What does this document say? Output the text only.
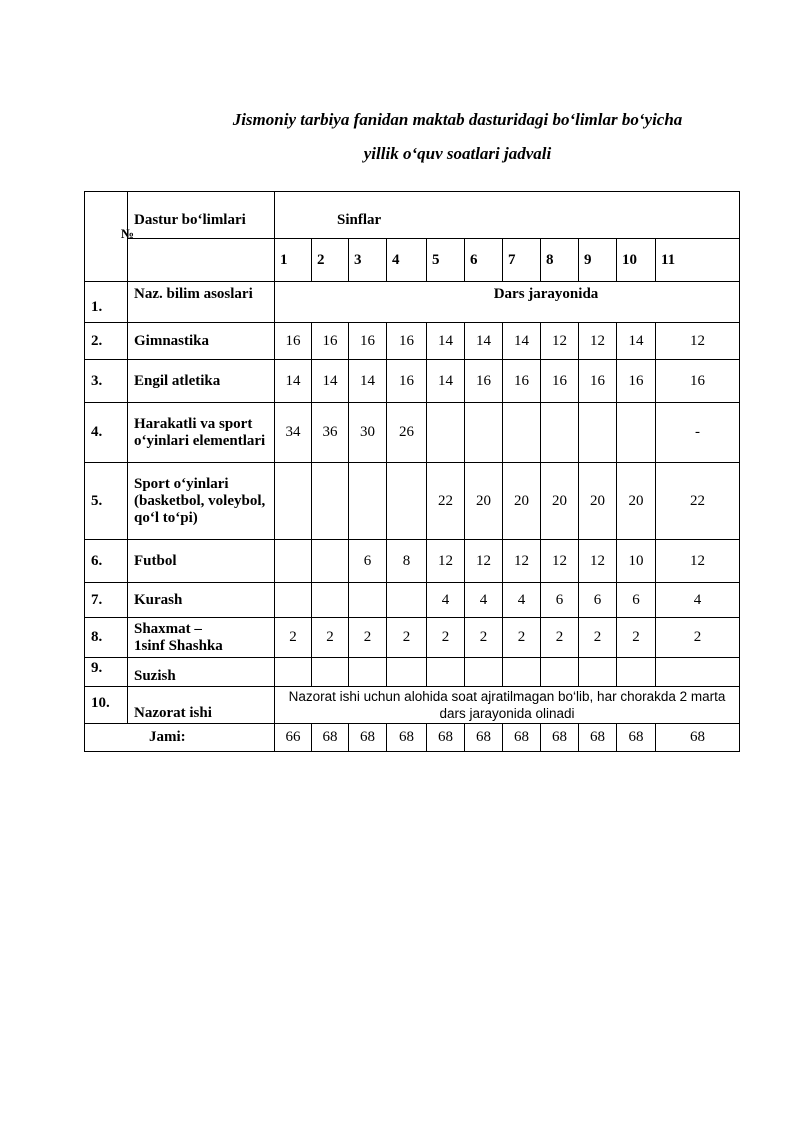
Jismoniy tarbiya fanidan maktab dasturidagi bo‘limlar bo‘yicha
yillik o‘quv soatlari jadvali
№	Dastur bo‘limlari	Sinflar										

		1	2	3	4	5	6	7	8	9	10	11
1.	Naz. bilim asoslari	Dars jarayonida										
2.	Gimnastika	16	16	16	16	14	14	14	12	12	14	12
3.	Engil atletika	14	14	14	16	14	16	16	16	16	16	16
4.	Harakatli va sport o‘yinlari elementlari	34	36	30	26							-
5.	Sport o‘yinlari (basketbol, voleybol, qo‘l to‘pi)					22	20	20	20	20	20	22
6.	Futbol			6	8	12	12	12	12	12	10	12
7.	Kurash					4	4	4	6	6	6	4
8.	Shaxmat –
1sinf Shashka	2	2	2	2	2	2	2	2	2	2	2
9.	Suzish											
10.	Nazorat ishi	Nazorat ishi uchun alohida soat ajratilmagan bo‘lib, har chorakda 2 marta dars jarayonida olinadi										
Jami:		66	68	68	68	68	68	68	68	68	68	68
